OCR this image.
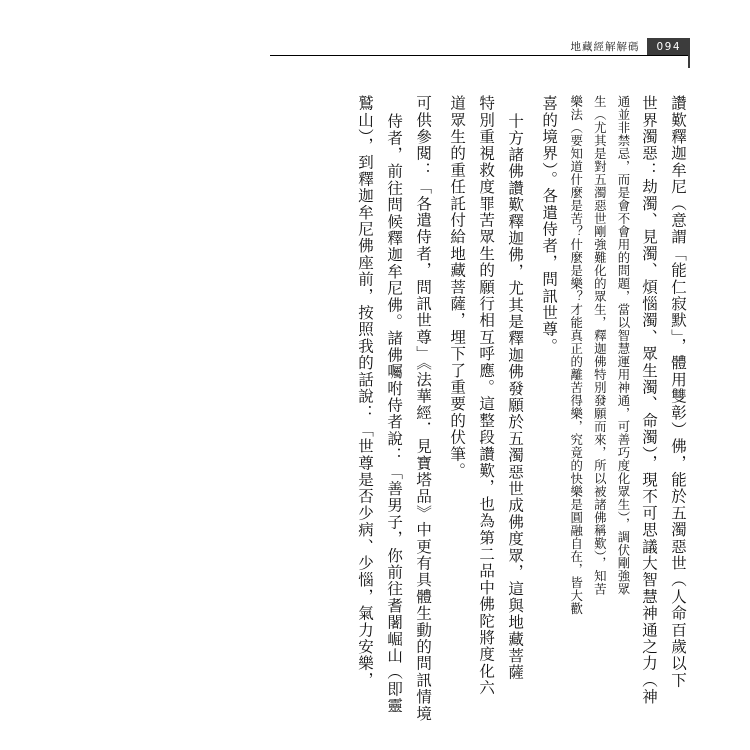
地藏經解解碼	094
讚歎釋迦牟尼（意謂「能仁寂默」，體用雙彰）佛，能於五濁惡世（人命百歲以下
世界濁惡：劫濁、見濁、煩惱濁、眾生濁、命濁），現不可思議大智慧神通之力（神
通並非禁忌，而是會不會用的問題，當以智慧運用神通，可善巧度化眾生），調伏剛強眾
生（尤其是對五濁惡世剛強難化的眾生，釋迦佛特別發願而來，所以被諸佛稱歎），知苦
樂法（要知道什麼是苦？什麼是樂？才能真正的離苦得樂，究竟的快樂是圓融自在，皆大歡
喜的境界）。各遣侍者，問訊世尊。
十方諸佛讚歎釋迦佛，尤其是釋迦佛發願於五濁惡世成佛度眾，這與地藏菩薩
特別重視救度罪苦眾生的願行相互呼應。這整段讚歎，也為第二品中佛陀將度化六
道眾生的重任託付給地藏菩薩，埋下了重要的伏筆。
可供參閱：「各遣侍者，問訊世尊」《法華經．見寶塔品》中更有具體生動的問訊情境
侍者，前往問候釋迦牟尼佛。諸佛囑咐侍者說：「善男子，你前往耆闍崛山（即靈
鷲山），到釋迦牟尼佛座前，按照我的話說：「世尊是否少病、少惱，氣力安樂，
